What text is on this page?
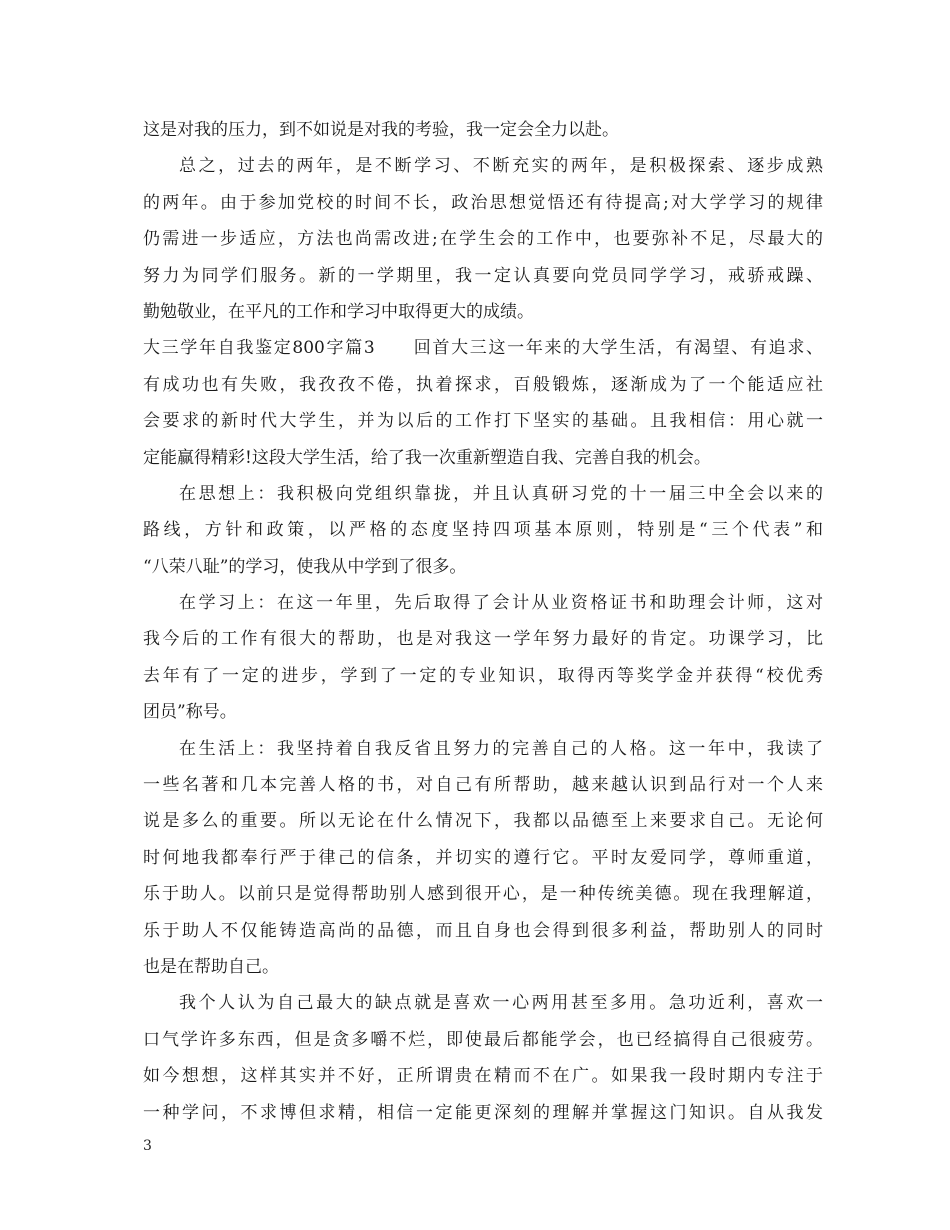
这是对我的压力，到不如说是对我的考验，我一定会全力以赴。
总之，过去的两年，是不断学习、不断充实的两年，是积极探索、逐步成熟
的两年。由于参加党校的时间不长，政治思想觉悟还有待提高;对大学学习的规律
仍需进一步适应，方法也尚需改进;在学生会的工作中，也要弥补不足，尽最大的
努力为同学们服务。新的一学期里，我一定认真要向党员同学学习，戒骄戒躁、
勤勉敬业，在平凡的工作和学习中取得更大的成绩。
大三学年自我鉴定800字篇3　　回首大三这一年来的大学生活，有渴望、有追求、
有成功也有失败，我孜孜不倦，执着探求，百般锻炼，逐渐成为了一个能适应社
会要求的新时代大学生，并为以后的工作打下坚实的基础。且我相信：用心就一
定能赢得精彩!这段大学生活，给了我一次重新塑造自我、完善自我的机会。
在思想上：我积极向党组织靠拢，并且认真研习党的十一届三中全会以来的
路线，方针和政策，以严格的态度坚持四项基本原则，特别是“三个代表”和
“八荣八耻”的学习，使我从中学到了很多。
在学习上：在这一年里，先后取得了会计从业资格证书和助理会计师，这对
我今后的工作有很大的帮助，也是对我这一学年努力最好的肯定。功课学习，比
去年有了一定的进步，学到了一定的专业知识，取得丙等奖学金并获得“校优秀
团员”称号。
在生活上：我坚持着自我反省且努力的完善自己的人格。这一年中，我读了
一些名著和几本完善人格的书，对自己有所帮助，越来越认识到品行对一个人来
说是多么的重要。所以无论在什么情况下，我都以品德至上来要求自己。无论何
时何地我都奉行严于律己的信条，并切实的遵行它。平时友爱同学，尊师重道，
乐于助人。以前只是觉得帮助别人感到很开心，是一种传统美德。现在我理解道，
乐于助人不仅能铸造高尚的品德，而且自身也会得到很多利益，帮助别人的同时
也是在帮助自己。
我个人认为自己最大的缺点就是喜欢一心两用甚至多用。急功近利，喜欢一
口气学许多东西，但是贪多嚼不烂，即使最后都能学会，也已经搞得自己很疲劳。
如今想想，这样其实并不好，正所谓贵在精而不在广。如果我一段时期内专注于
一种学问，不求博但求精，相信一定能更深刻的理解并掌握这门知识。自从我发
3
